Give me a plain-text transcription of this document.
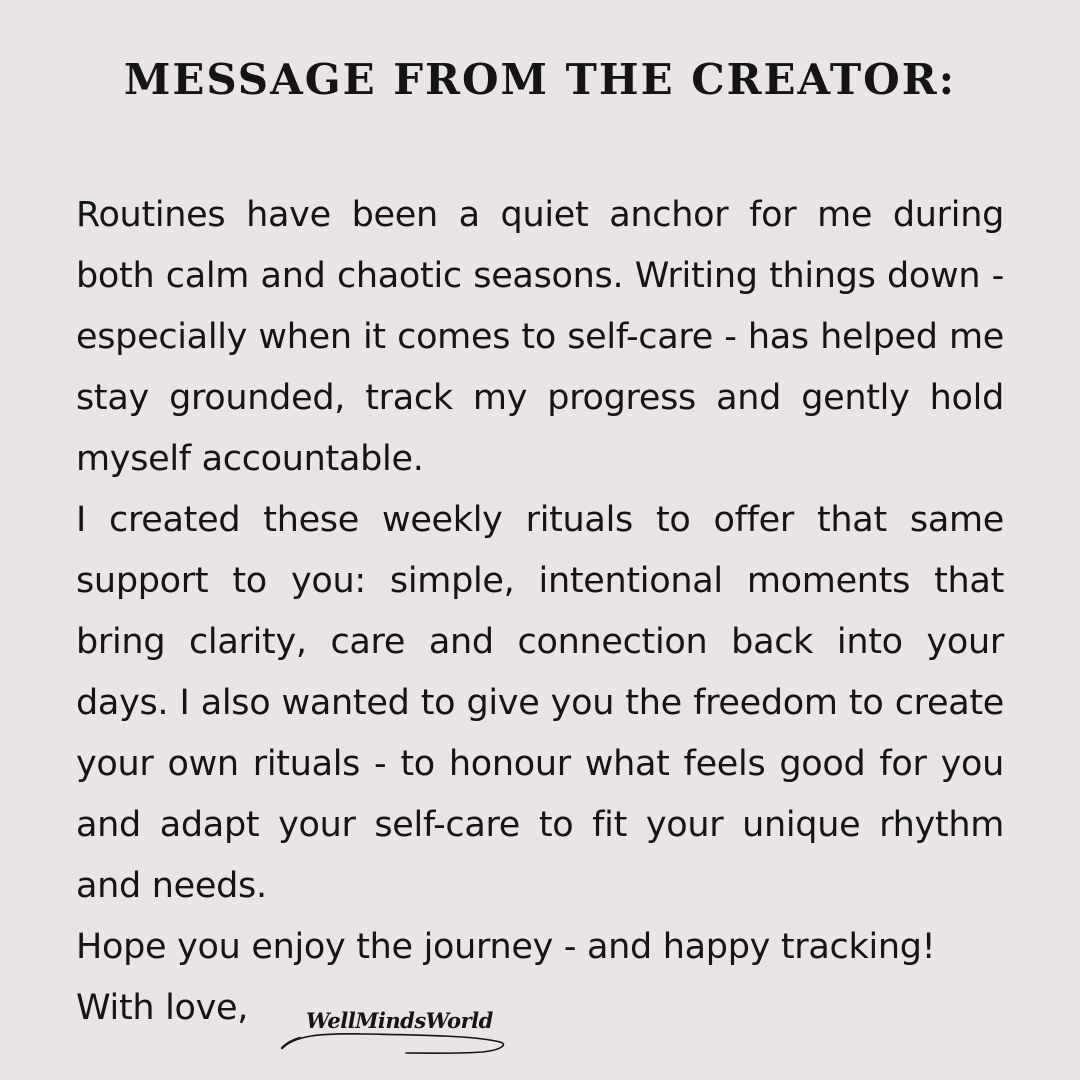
MESSAGE FROM THE CREATOR:

Routines have been a quiet anchor for me during both calm and chaotic seasons. Writing things down - especially when it comes to self-care - has helped me stay grounded, track my progress and gently hold myself accountable.

I created these weekly rituals to offer that same support to you: simple, intentional moments that bring clarity, care and connection back into your days. I also wanted to give you the freedom to create your own rituals - to honour what feels good for you and adapt your self-care to fit your unique rhythm and needs.

Hope you enjoy the journey - and happy tracking!

With love,	WellMindsWorld
